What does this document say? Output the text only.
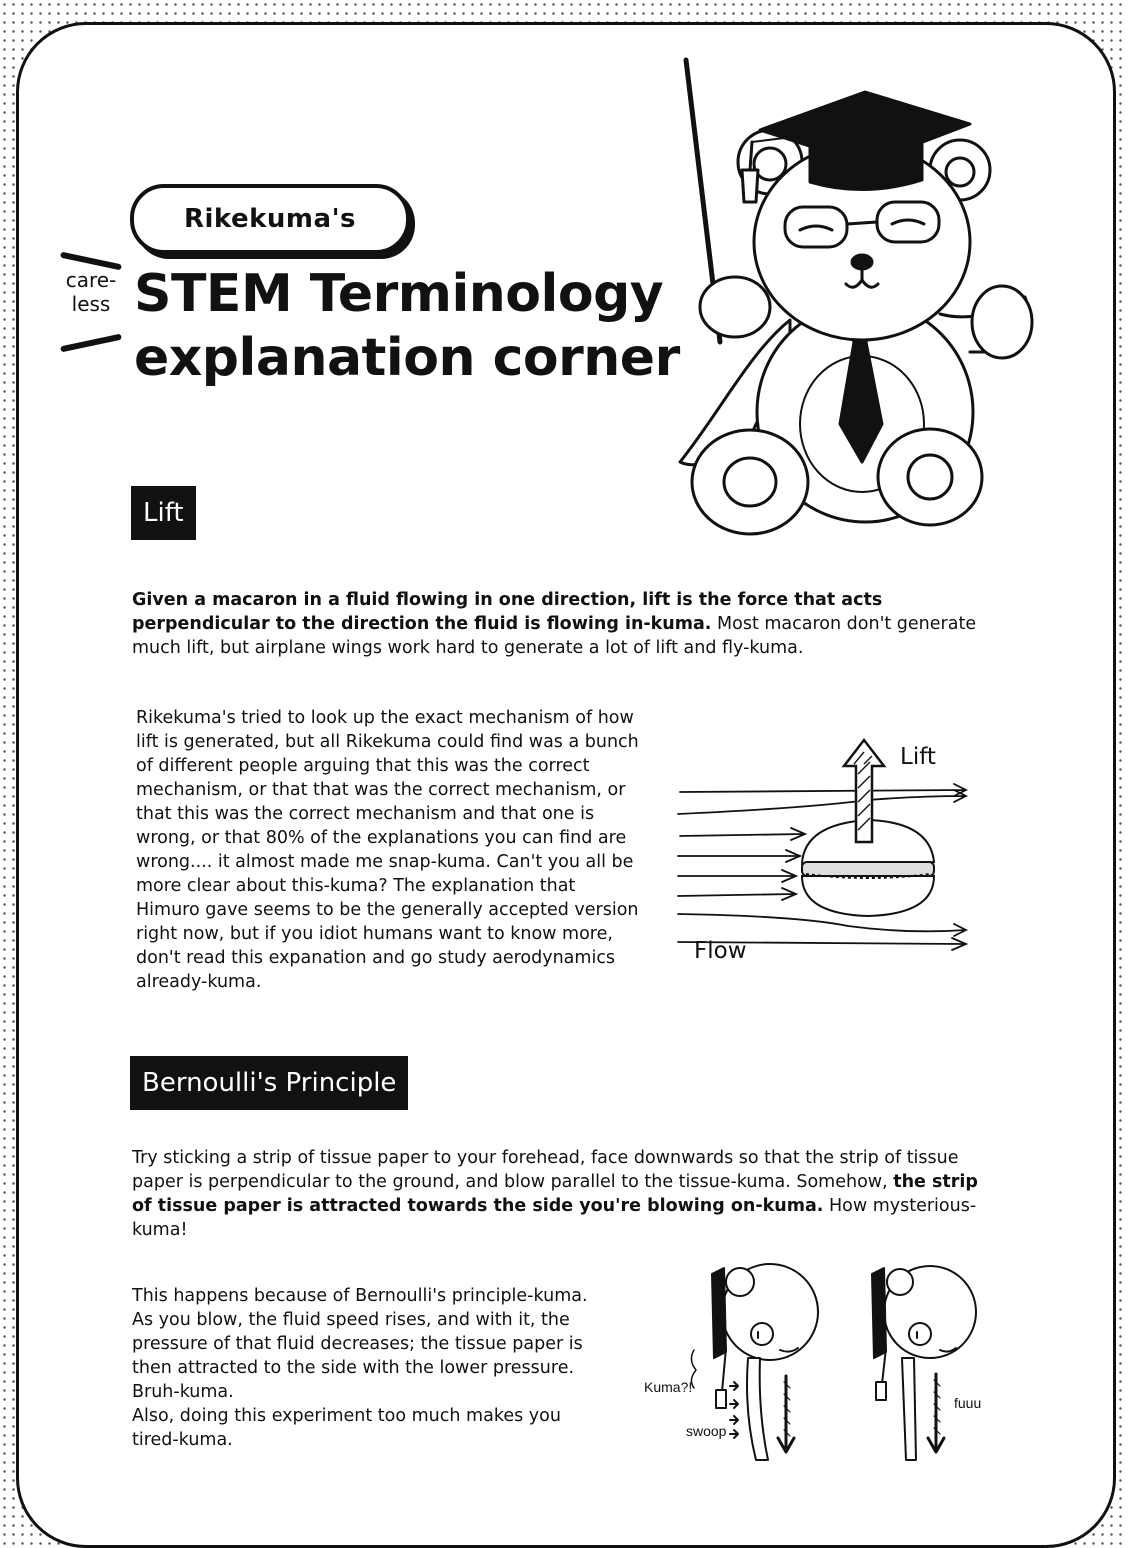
Rikekuma's
care-
less STEM Terminology
explanation corner
Lift
Given a macaron in a fluid flowing in one direction, lift is the force that acts perpendicular to the direction the fluid is flowing in-kuma. Most macaron don't generate much lift, but airplane wings work hard to generate a lot of lift and fly-kuma.
Rikekuma's tried to look up the exact mechanism of how lift is generated, but all Rikekuma could find was a bunch of different people arguing that this was the correct mechanism, or that that was the correct mechanism, or that this was the correct mechanism and that one is wrong, or that 80% of the explanations you can find are wrong.... it almost made me snap-kuma. Can't you all be more clear about this-kuma? The explanation that Himuro gave seems to be the generally accepted version right now, but if you idiot humans want to know more, don't read this expanation and go study aerodynamics already-kuma.
Lift
Flow
Bernoulli's Principle
Try sticking a strip of tissue paper to your forehead, face downwards so that the strip of tissue paper is perpendicular to the ground, and blow parallel to the tissue-kuma. Somehow, the strip of tissue paper is attracted towards the side you're blowing on-kuma. How mysterious-kuma!
This happens because of Bernoulli's principle-kuma.
As you blow, the fluid speed rises, and with it, the pressure of that fluid decreases; the tissue paper is then attracted to the side with the lower pressure.
Bruh-kuma.
Also, doing this experiment too much makes you tired-kuma.
Kuma?!
swoop
fuuu
